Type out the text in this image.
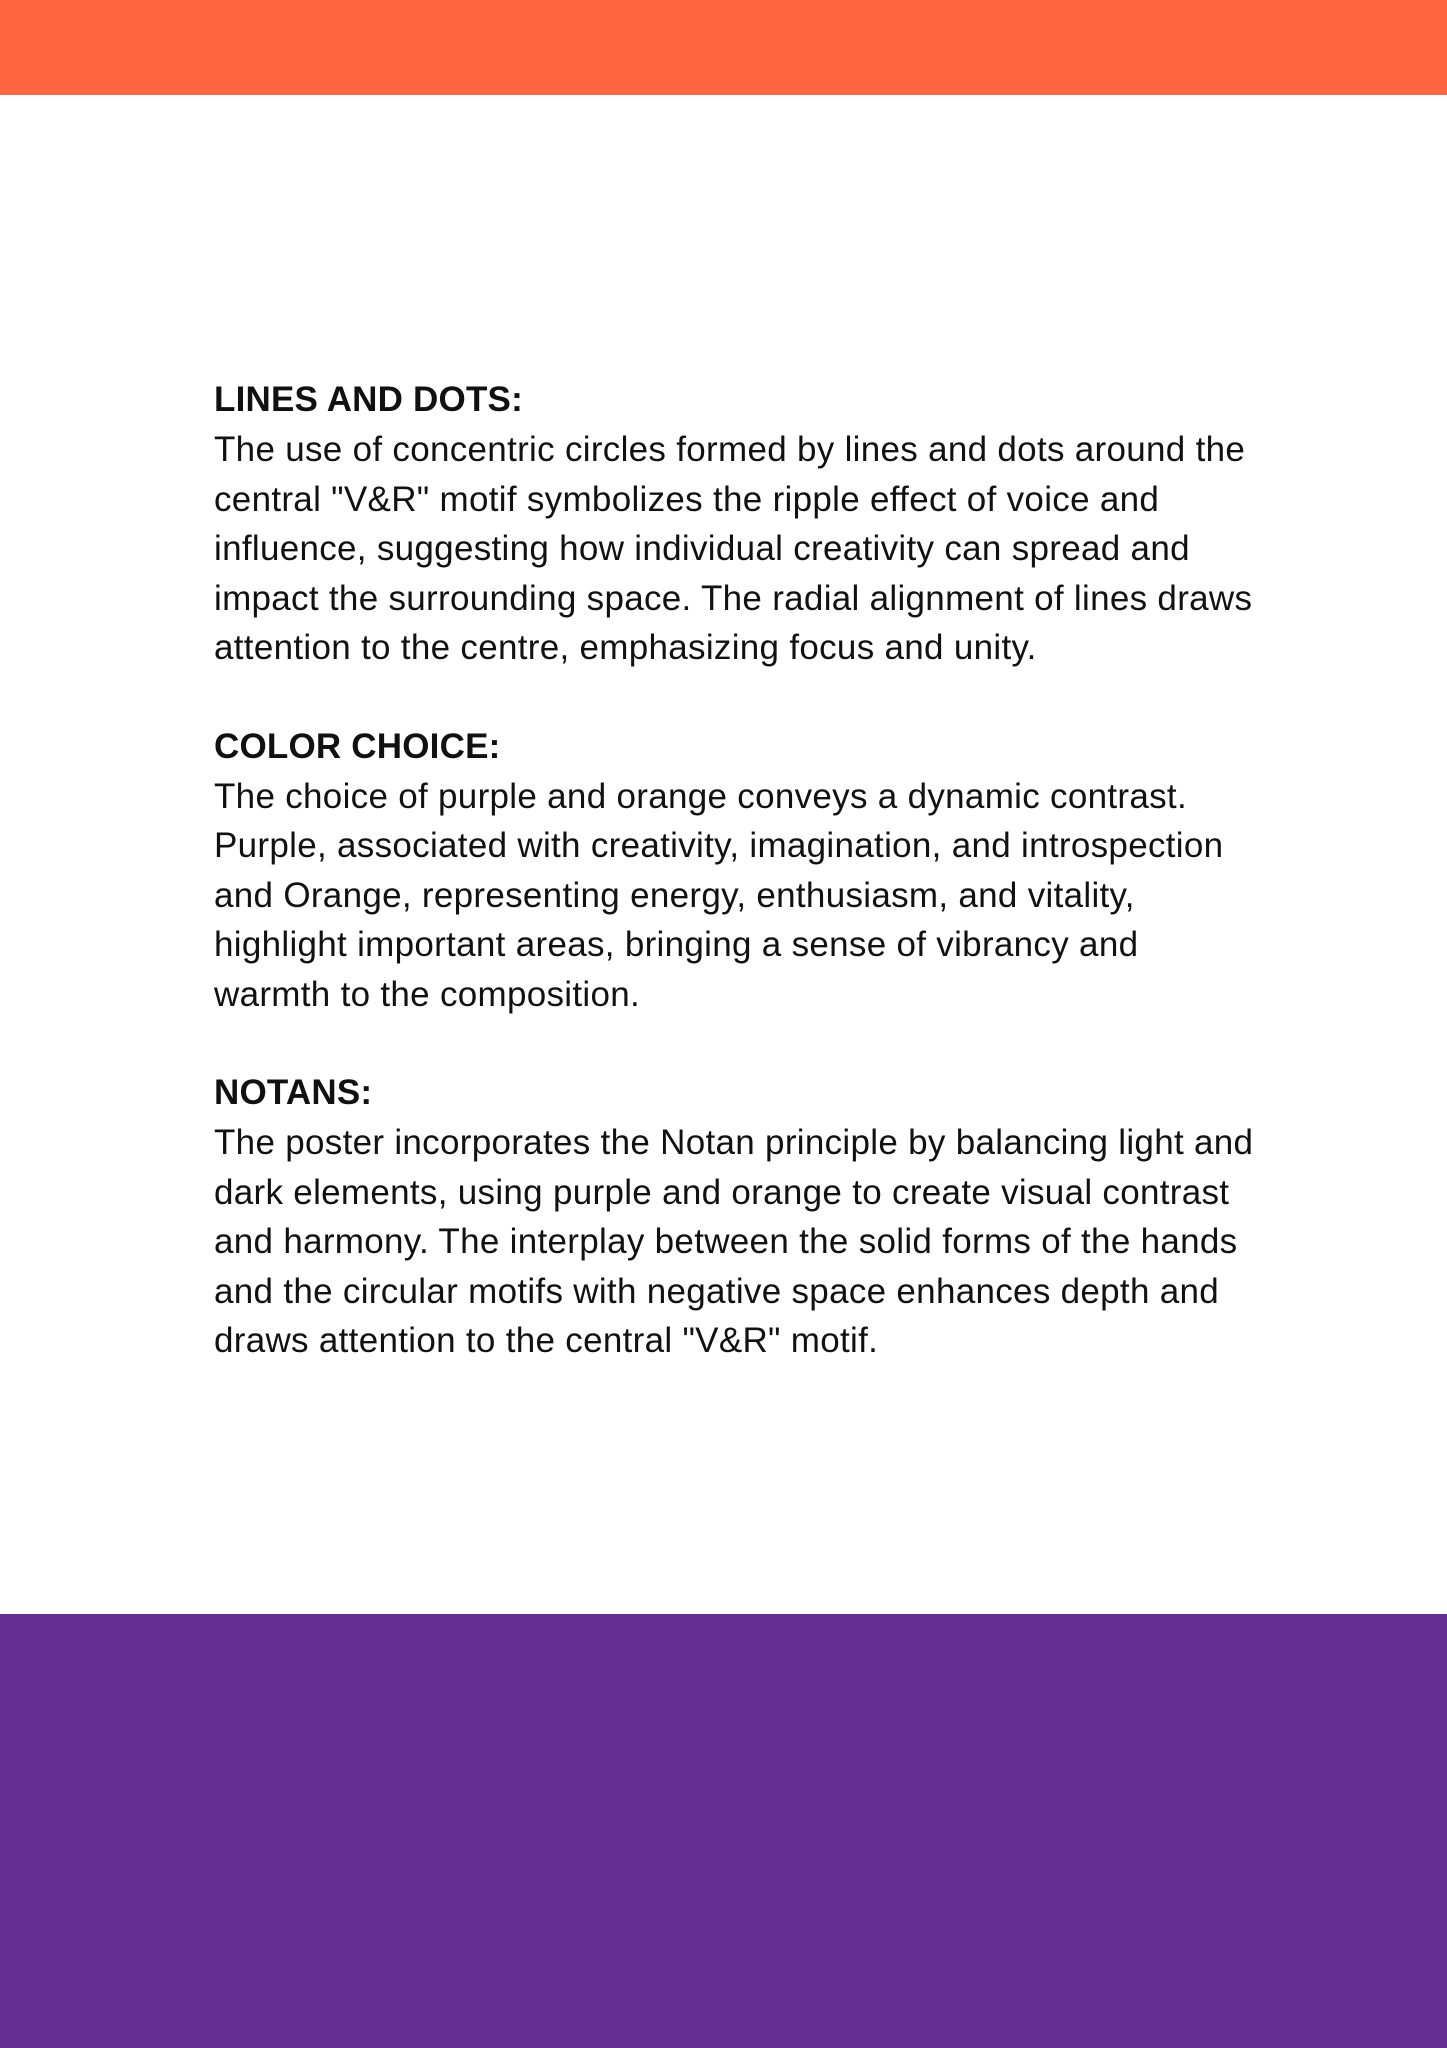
LINES AND DOTS:

The use of concentric circles formed by lines and dots around the central "V&R" motif symbolizes the ripple effect of voice and influence, suggesting how individual creativity can spread and impact the surrounding space. The radial alignment of lines draws attention to the centre, emphasizing focus and unity.

COLOR CHOICE:

The choice of purple and orange conveys a dynamic contrast. Purple, associated with creativity, imagination, and introspection and Orange, representing energy, enthusiasm, and vitality, highlight important areas, bringing a sense of vibrancy and warmth to the composition.

NOTANS:

The poster incorporates the Notan principle by balancing light and dark elements, using purple and orange to create visual contrast and harmony. The interplay between the solid forms of the hands and the circular motifs with negative space enhances depth and draws attention to the central "V&R" motif.
